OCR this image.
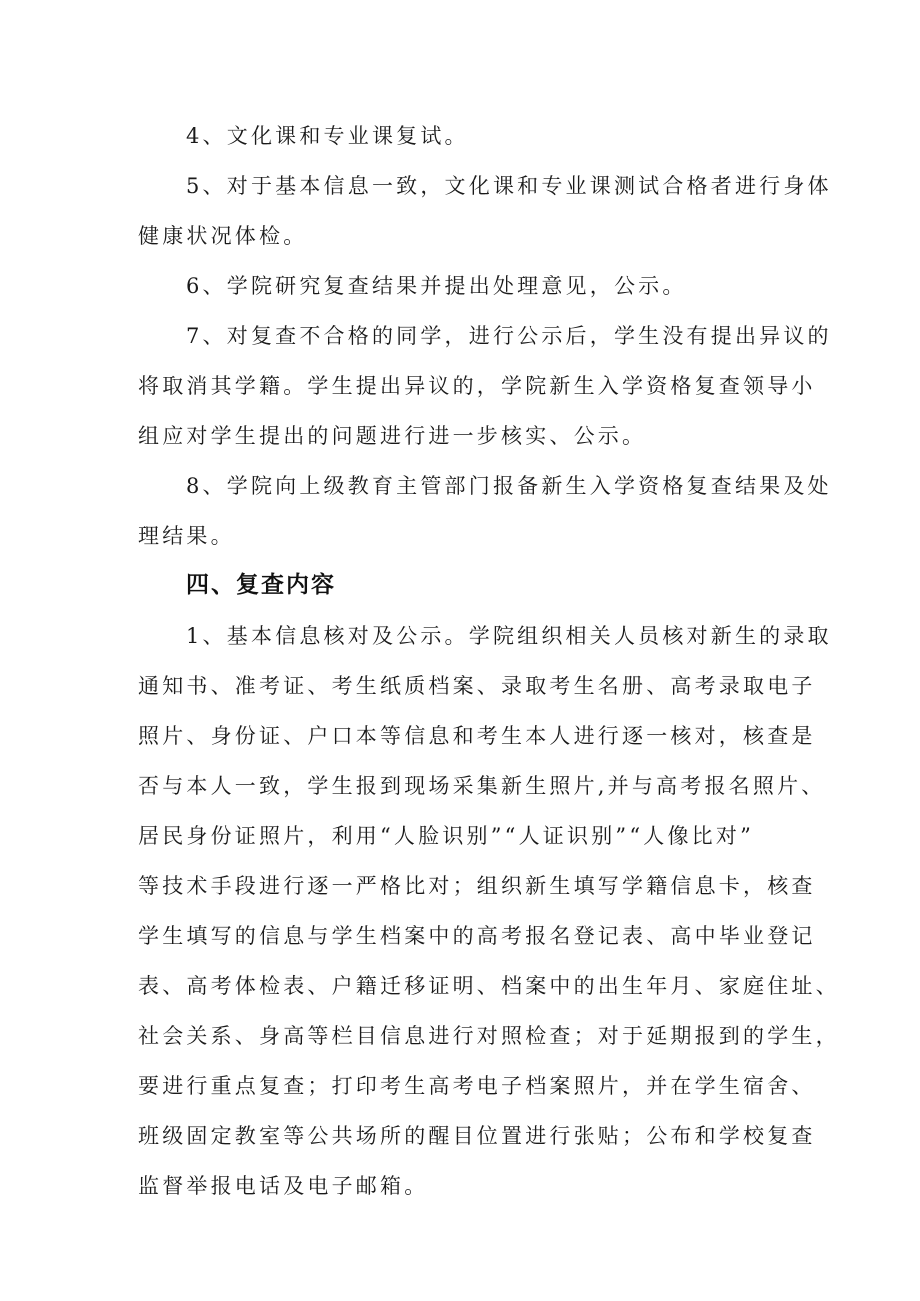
4、文化课和专业课复试。
5、对于基本信息一致，文化课和专业课测试合格者进行身体
健康状况体检。
6、学院研究复查结果并提出处理意见，公示。
7、对复查不合格的同学，进行公示后，学生没有提出异议的
将取消其学籍。学生提出异议的，学院新生入学资格复查领导小
组应对学生提出的问题进行进一步核实、公示。
8、学院向上级教育主管部门报备新生入学资格复查结果及处
理结果。
四、复查内容
1、基本信息核对及公示。学院组织相关人员核对新生的录取
通知书、准考证、考生纸质档案、录取考生名册、高考录取电子
照片、身份证、户口本等信息和考生本人进行逐一核对，核查是
否与本人一致，学生报到现场采集新生照片,并与高考报名照片、
居民身份证照片，利用“人脸识别”“人证识别”“人像比对”
等技术手段进行逐一严格比对；组织新生填写学籍信息卡，核查
学生填写的信息与学生档案中的高考报名登记表、高中毕业登记
表、高考体检表、户籍迁移证明、档案中的出生年月、家庭住址、
社会关系、身高等栏目信息进行对照检查；对于延期报到的学生，
要进行重点复查；打印考生高考电子档案照片，并在学生宿舍、
班级固定教室等公共场所的醒目位置进行张贴；公布和学校复查
监督举报电话及电子邮箱。
